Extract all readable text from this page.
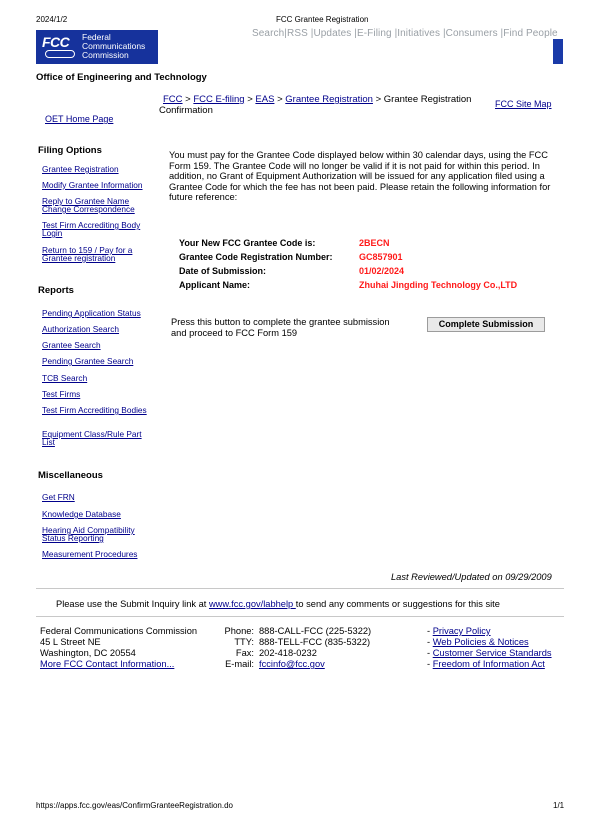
2024/1/2	FCC Grantee Registration
Search|RSS |Updates |E-Filing |Initiatives |Consumers |Find People
FCC Federal Communications Commission
Office of Engineering and Technology
FCC > FCC E-filing > EAS > Grantee Registration > Grantee Registration
Confirmation
FCC Site Map
OET Home Page
Filing Options
Grantee Registration
Modify Grantee Information
Reply to Grantee Name Change Correspondence
Test Firm Accrediting Body Login
Return to 159 / Pay for a Grantee registration
Reports
Pending Application Status
Authorization Search
Grantee Search
Pending Grantee Search
TCB Search
Test Firms
Test Firm Accrediting Bodies
Equipment Class/Rule Part List
Miscellaneous
Get FRN
Knowledge Database
Hearing Aid Compatibility Status Reporting
Measurement Procedures
You must pay for the Grantee Code displayed below within 30 calendar days, using the FCC Form 159. The Grantee Code will no longer be valid if it is not paid for within this period. In addition, no Grant of Equipment Authorization will be issued for any application filed using a Grantee Code for which the fee has not been paid. Please retain the following information for future reference:
Your New FCC Grantee Code is:	2BECN
Grantee Code Registration Number:	GC857901
Date of Submission:	01/02/2024
Applicant Name:	Zhuhai Jingding Technology Co.,LTD
Press this button to complete the grantee submission
and proceed to FCC Form 159
Complete Submission
Last Reviewed/Updated on 09/29/2009
Please use the Submit Inquiry link at www.fcc.gov/labhelp to send any comments or suggestions for this site
Federal Communications Commission
45 L Street NE
Washington, DC 20554
More FCC Contact Information...
Phone: 888-CALL-FCC (225-5322)
TTY: 888-TELL-FCC (835-5322)
Fax: 202-418-0232
E-mail: fccinfo@fcc.gov
- Privacy Policy
- Web Policies & Notices
- Customer Service Standards
- Freedom of Information Act
https://apps.fcc.gov/eas/ConfirmGranteeRegistration.do	1/1
